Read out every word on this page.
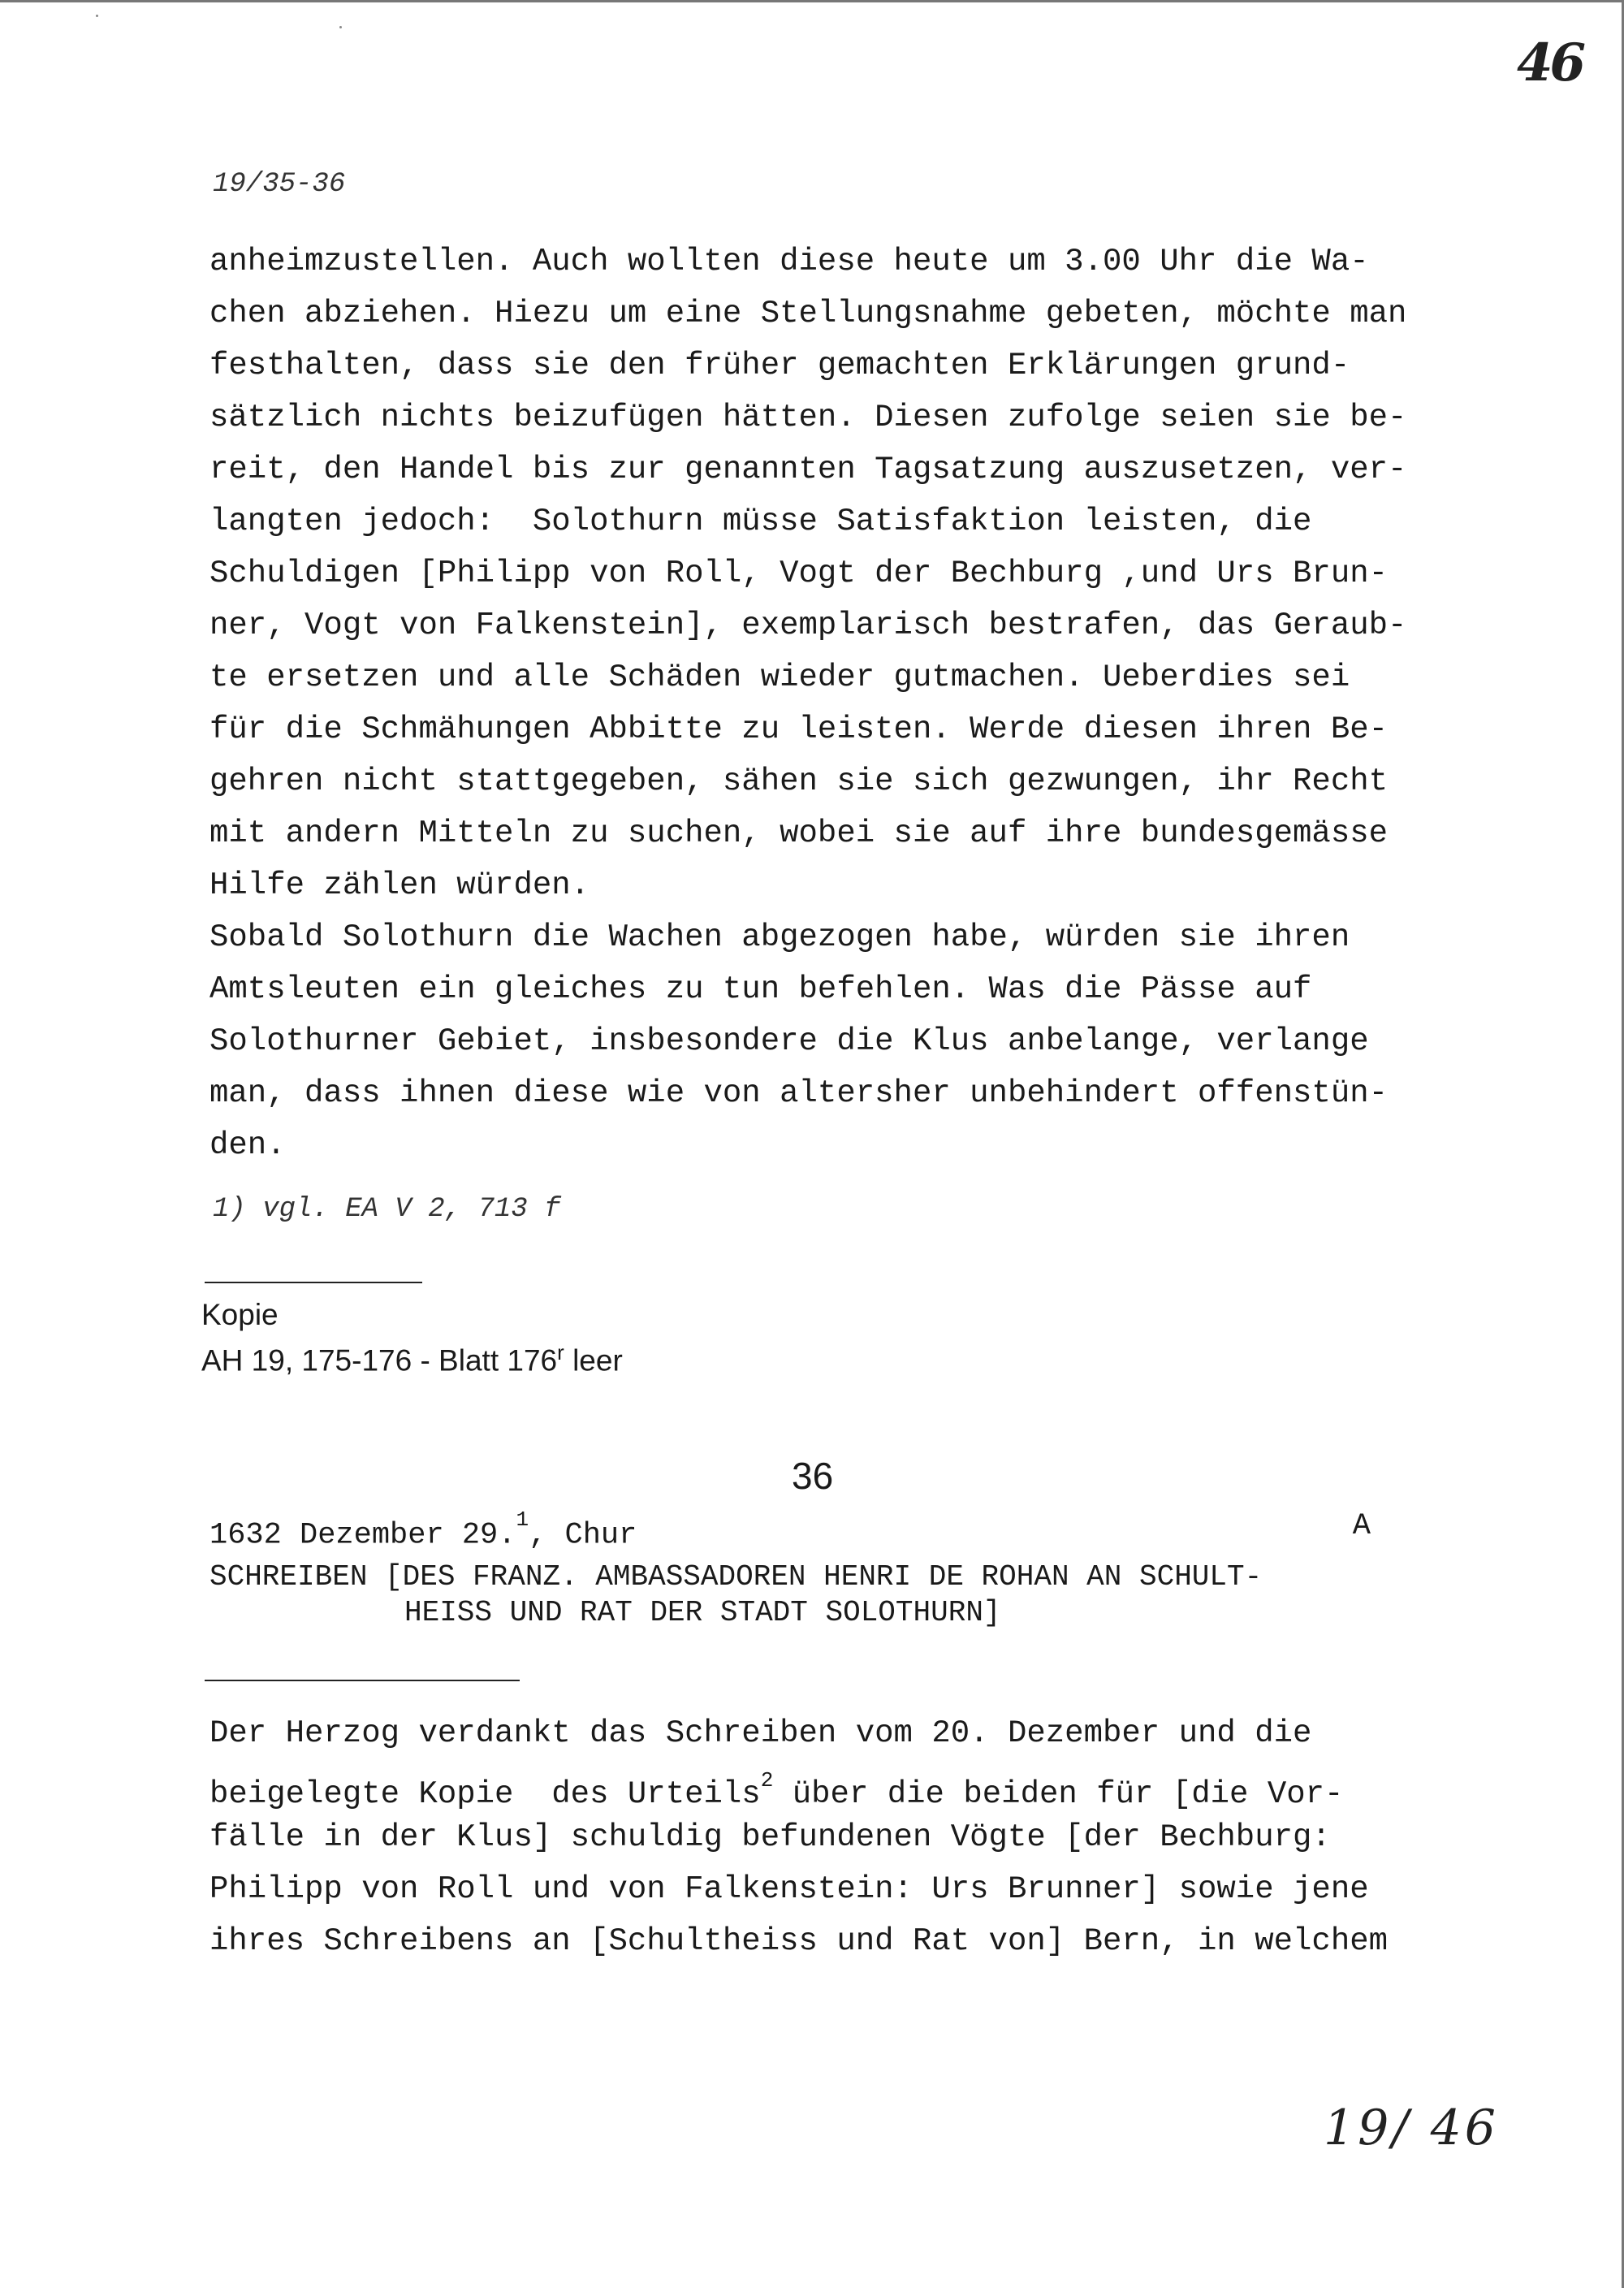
46
19/35-36
anheimzustellen. Auch wollten diese heute um 3.00 Uhr die Wa-
chen abziehen. Hiezu um eine Stellungsnahme gebeten, möchte man
festhalten, dass sie den früher gemachten Erklärungen grund-
sätzlich nichts beizufügen hätten. Diesen zufolge seien sie be-
reit, den Handel bis zur genannten Tagsatzung auszusetzen, ver-
langten jedoch:  Solothurn müsse Satisfaktion leisten, die
Schuldigen [Philipp von Roll, Vogt der Bechburg ,und Urs Brun-
ner, Vogt von Falkenstein], exemplarisch bestrafen, das Geraub-
te ersetzen und alle Schäden wieder gutmachen. Ueberdies sei
für die Schmähungen Abbitte zu leisten. Werde diesen ihren Be-
gehren nicht stattgegeben, sähen sie sich gezwungen, ihr Recht
mit andern Mitteln zu suchen, wobei sie auf ihre bundesgemässe
Hilfe zählen würden.
Sobald Solothurn die Wachen abgezogen habe, würden sie ihren
Amtsleuten ein gleiches zu tun befehlen. Was die Pässe auf
Solothurner Gebiet, insbesondere die Klus anbelange, verlange
man, dass ihnen diese wie von altersher unbehindert offenstün-
den.
1) vgl. EA V 2, 713 f
Kopie
AH 19, 175-176 - Blatt 176$^r$ leer
36
1632 Dezember 29.$^1$, Chur	A
SCHREIBEN [DES FRANZ. AMBASSADOREN HENRI DE ROHAN AN SCHULT-
HEISS UND RAT DER STADT SOLOTHURN]
Der Herzog verdankt das Schreiben vom 20. Dezember und die
beigelegte Kopie  des Urteils$^2$ über die beiden für [die Vor-
fälle in der Klus] schuldig befundenen Vögte [der Bechburg:
Philipp von Roll und von Falkenstein: Urs Brunner] sowie jene
ihres Schreibens an [Schultheiss und Rat von] Bern, in welchem
19/ 46
